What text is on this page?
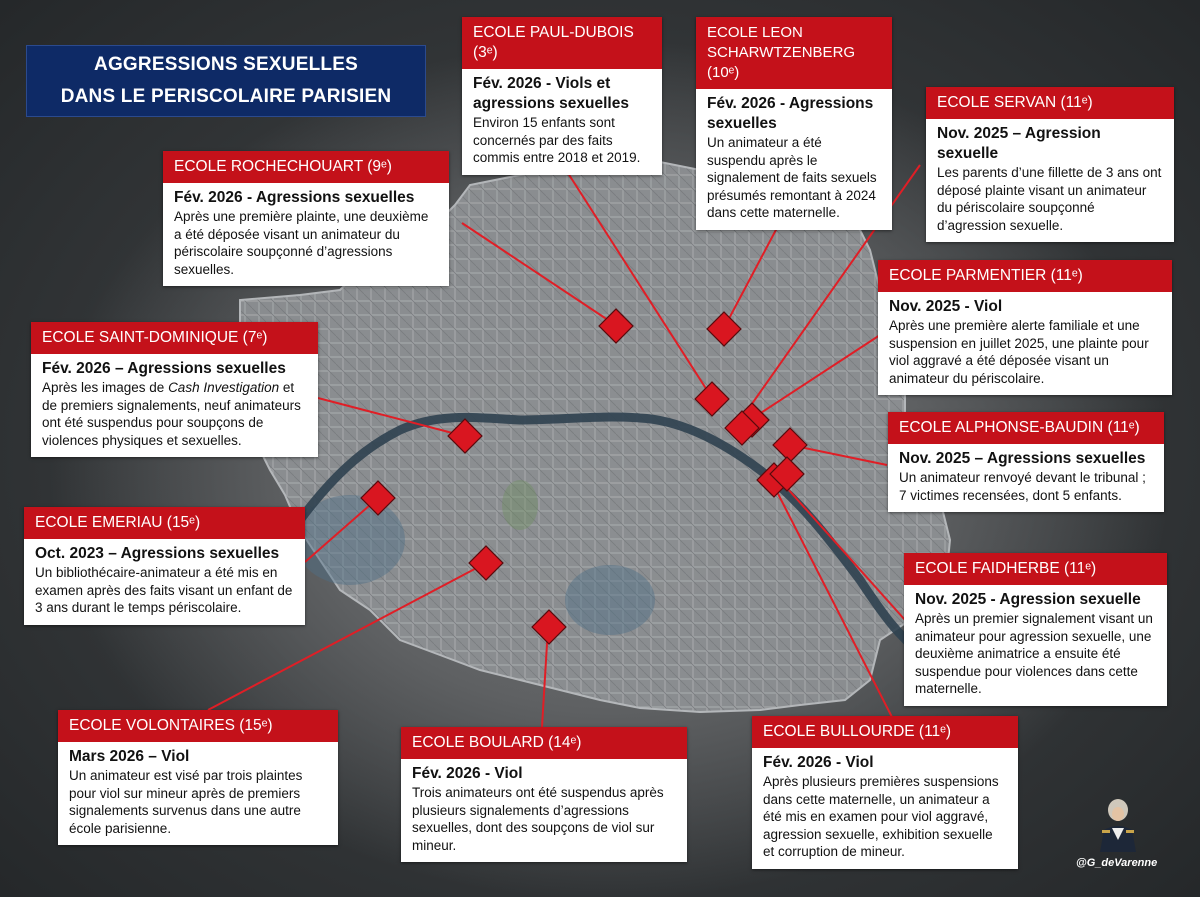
AGGRESSIONS SEXUELLES
DANS LE PERISCOLAIRE PARISIEN
ECOLE PAUL-DUBOIS (3ᵉ)
Fév. 2026 - Viols et agressions sexuelles
Environ 15 enfants sont concernés par des faits commis entre 2018 et 2019.
ECOLE LEON SCHARWTZENBERG (10ᵉ)
Fév. 2026 - Agressions sexuelles
Un animateur a été suspendu après le signalement de faits sexuels présumés remontant à 2024 dans cette maternelle.
ECOLE SERVAN (11ᵉ)
Nov. 2025 – Agression sexuelle
Les parents d’une fillette de 3 ans ont déposé plainte visant un animateur du périscolaire soupçonné d’agression sexuelle.
ECOLE ROCHECHOUART (9ᵉ)
Fév. 2026 - Agressions sexuelles
Après une première plainte, une deuxième a été déposée visant un animateur du périscolaire soupçonné d’agressions sexuelles.	ECOLE PARMENTIER (11ᵉ)
Nov. 2025 - Viol
Après une première alerte familiale et une suspension en juillet 2025, une plainte pour viol aggravé a été déposée visant un animateur du périscolaire.
ECOLE SAINT-DOMINIQUE (7ᵉ)
Fév. 2026 – Agressions sexuelles
Après les images de Cash Investigation et de premiers signalements, neuf animateurs ont été suspendus pour soupçons de violences physiques et sexuelles.
ECOLE ALPHONSE-BAUDIN (11ᵉ)
Nov. 2025 – Agressions sexuelles
Un animateur renvoyé devant le tribunal ; 7 victimes recensées, dont 5 enfants.
ECOLE EMERIAU (15ᵉ)
Oct. 2023 – Agressions sexuelles
Un bibliothécaire-animateur a été mis en examen après des faits visant un enfant de 3 ans durant le temps périscolaire.
ECOLE FAIDHERBE (11ᵉ)
Nov. 2025 - Agression sexuelle
Après un premier signalement visant un animateur pour agression sexuelle, une deuxième animatrice a ensuite été suspendue pour violences dans cette maternelle.
ECOLE VOLONTAIRES (15ᵉ)
Mars 2026 – Viol
Un animateur est visé par trois plaintes pour viol sur mineur après de premiers signalements survenus dans une autre école parisienne.
ECOLE BOULARD (14ᵉ)
Fév. 2026 - Viol
Trois animateurs ont été suspendus après plusieurs signalements d’agressions sexuelles, dont des soupçons de viol sur mineur.
ECOLE BULLOURDE (11ᵉ)
Fév. 2026 - Viol
Après plusieurs premières suspensions dans cette maternelle, un animateur a été mis en examen pour viol aggravé, agression sexuelle, exhibition sexuelle et corruption de mineur.
@G_deVarenne
